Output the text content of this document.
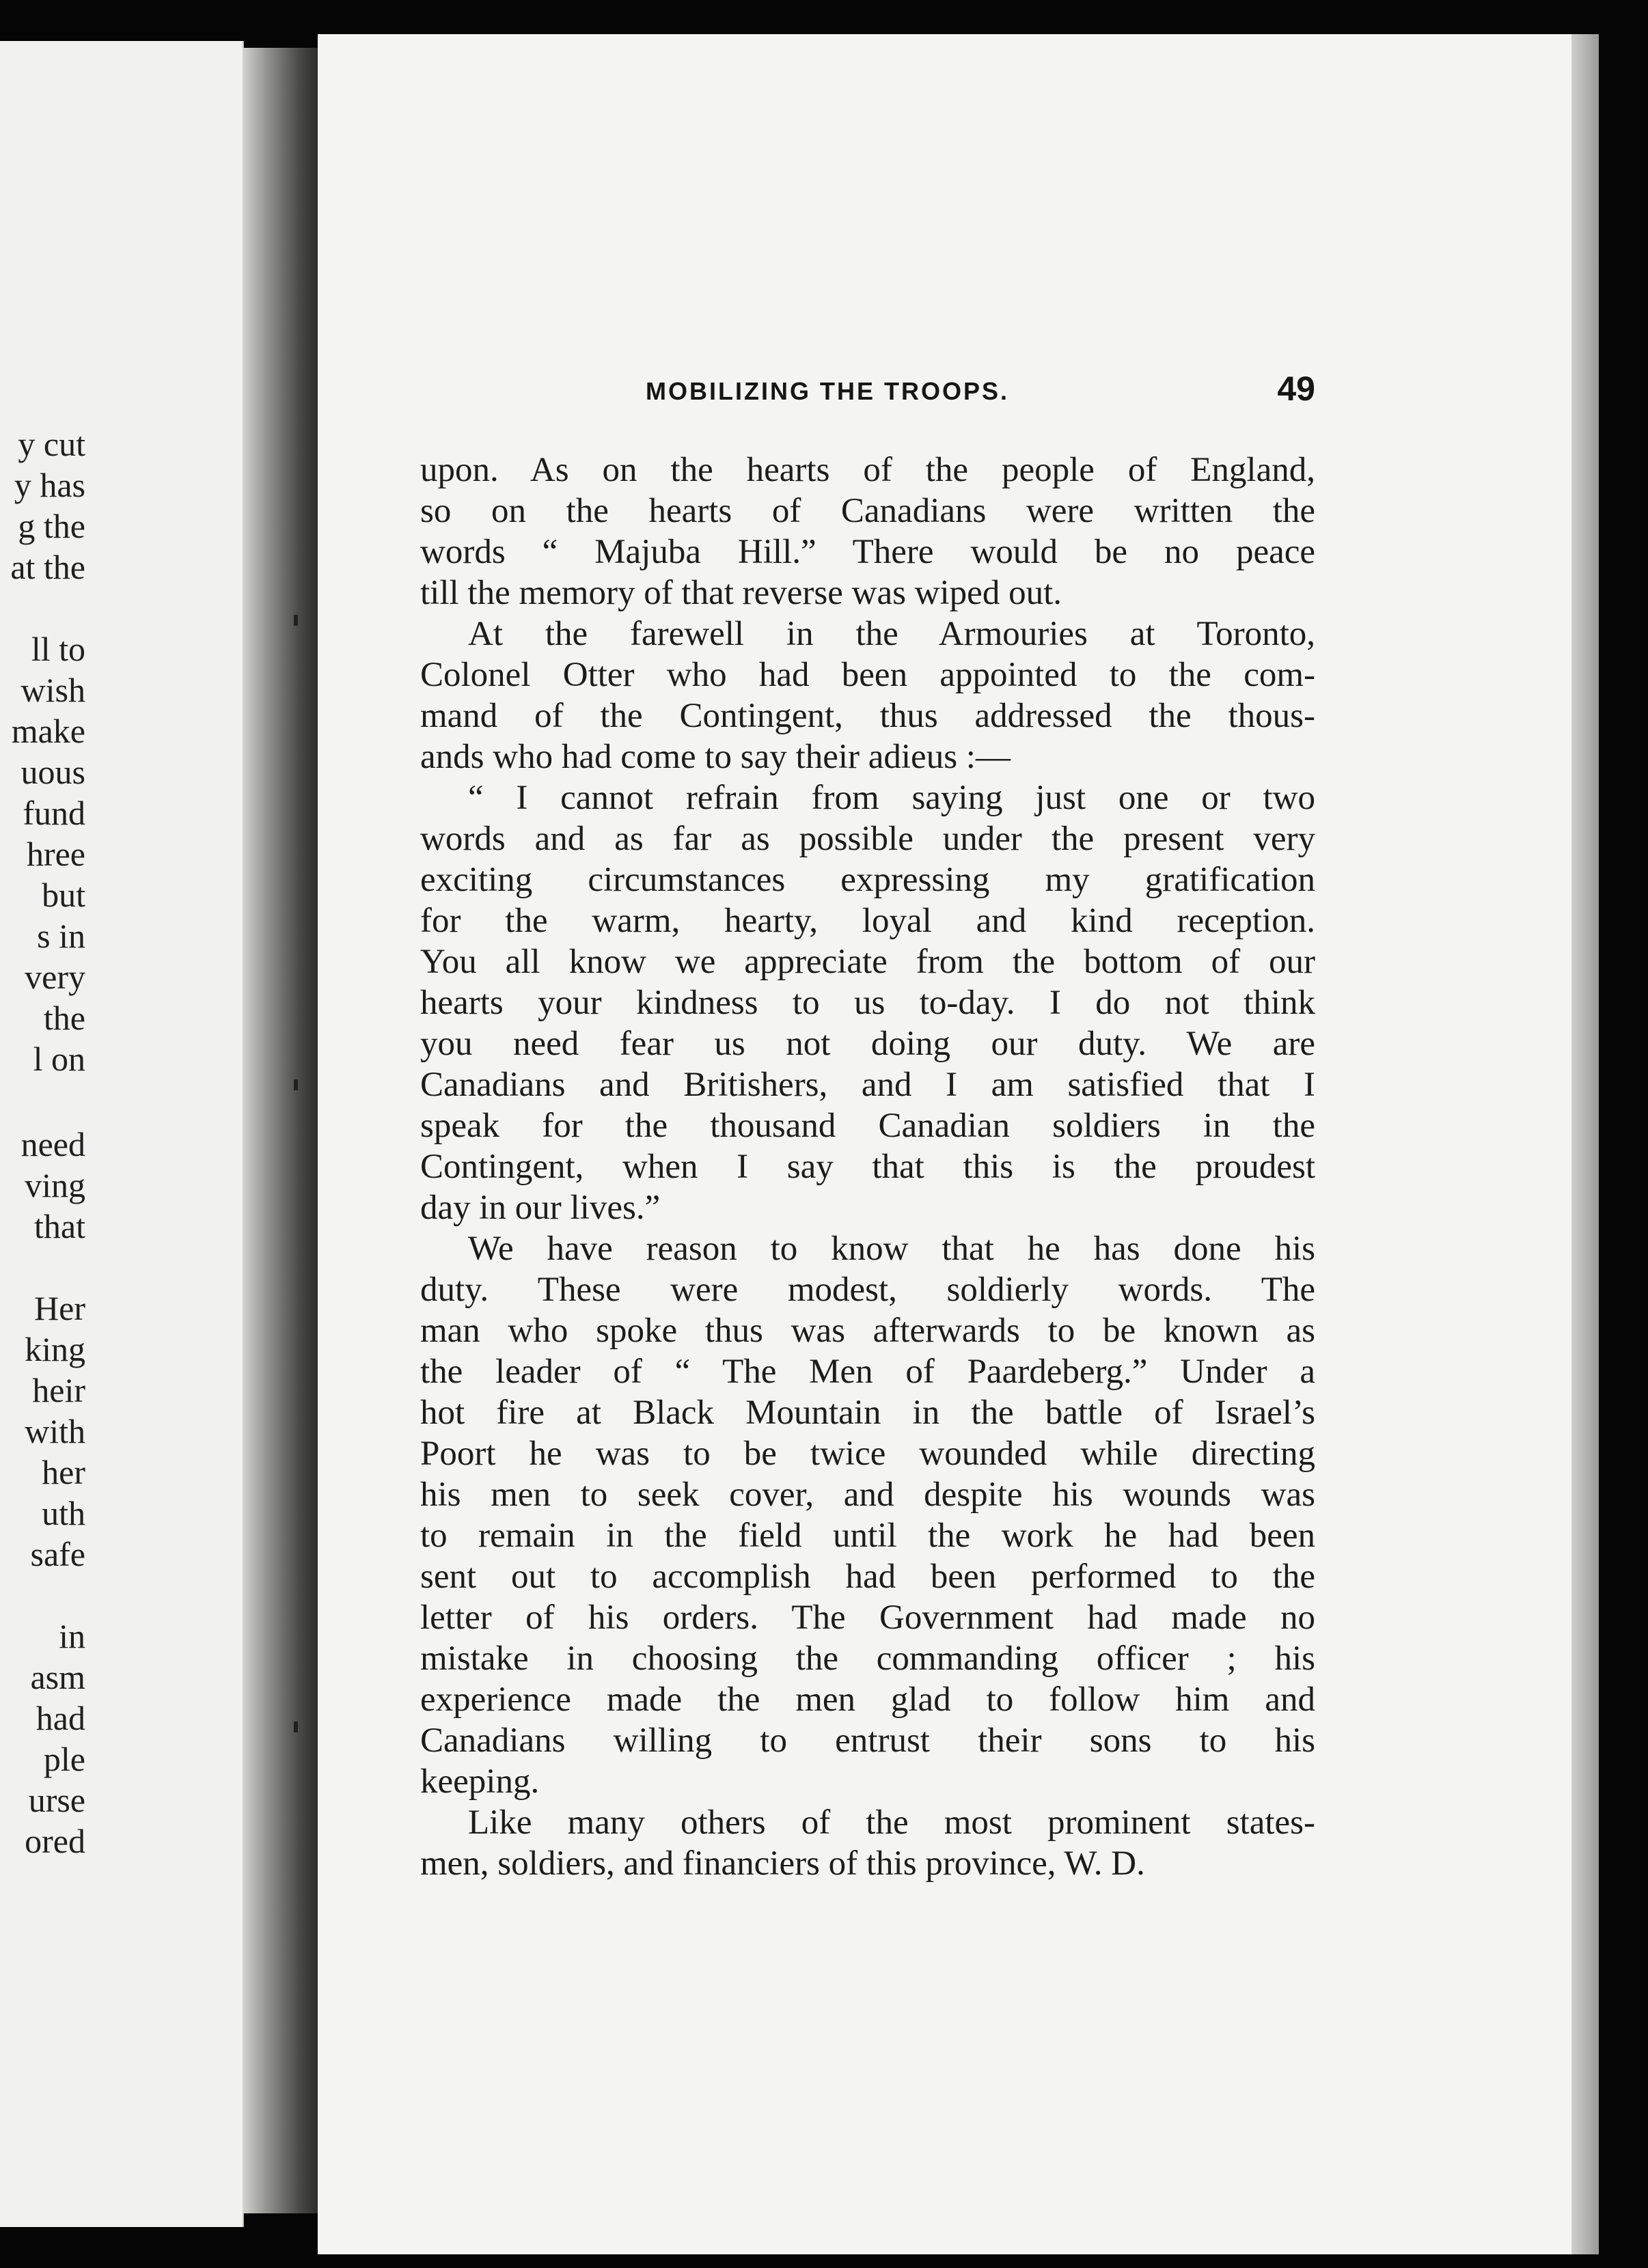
y cut
y has
g the
at the
ll to
wish
make
uous
fund
hree
but
s in
very
the
l on
need
ving
that
Her
king
heir
with
her
uth
safe
in
asm
had
ple
urse
ored
MOBILIZING THE TROOPS.	49
upon. As on the hearts of the people of England,
so on the hearts of Canadians were written the
words “ Majuba Hill.” There would be no peace
till the memory of that reverse was wiped out.
At the farewell in the Armouries at Toronto,
Colonel Otter who had been appointed to the com-
mand of the Contingent, thus addressed the thous-
ands who had come to say their adieus :—
“ I cannot refrain from saying just one or two
words and as far as possible under the present very
exciting circumstances expressing my gratification
for the warm, hearty, loyal and kind reception.
You all know we appreciate from the bottom of our
hearts your kindness to us to-day. I do not think
you need fear us not doing our duty. We are
Canadians and Britishers, and I am satisfied that I
speak for the thousand Canadian soldiers in the
Contingent, when I say that this is the proudest
day in our lives.”
We have reason to know that he has done his
duty. These were modest, soldierly words. The
man who spoke thus was afterwards to be known as
the leader of “ The Men of Paardeberg.” Under a
hot fire at Black Mountain in the battle of Israel’s
Poort he was to be twice wounded while directing
his men to seek cover, and despite his wounds was
to remain in the field until the work he had been
sent out to accomplish had been performed to the
letter of his orders. The Government had made no
mistake in choosing the commanding officer ; his
experience made the men glad to follow him and
Canadians willing to entrust their sons to his
keeping.
Like many others of the most prominent states-
men, soldiers, and financiers of this province, W. D.
